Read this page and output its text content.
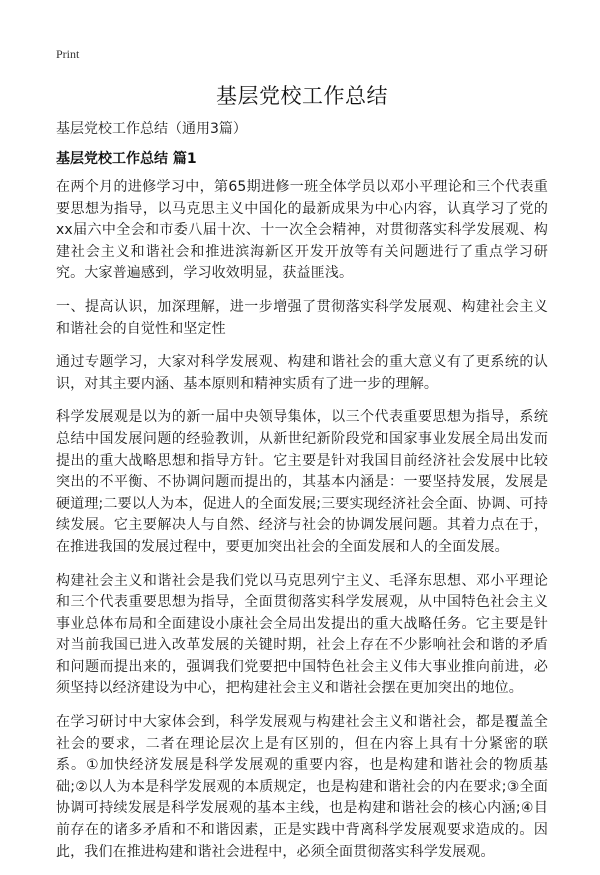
Print
基层党校工作总结
基层党校工作总结（通用3篇）
基层党校工作总结 篇1

在两个月的进修学习中，第65期进修一班全体学员以邓小平理论和三个代表重要思想为指导，以马克思主义中国化的最新成果为中心内容，认真学习了党的xx届六中全会和市委八届十次、十一次全会精神，对贯彻落实科学发展观、构建社会主义和谐社会和推进滨海新区开发开放等有关问题进行了重点学习研究。大家普遍感到，学习收效明显，获益匪浅。

一、提高认识，加深理解，进一步增强了贯彻落实科学发展观、构建社会主义和谐社会的自觉性和坚定性

通过专题学习，大家对科学发展观、构建和谐社会的重大意义有了更系统的认识，对其主要内涵、基本原则和精神实质有了进一步的理解。

科学发展观是以为的新一届中央领导集体，以三个代表重要思想为指导，系统总结中国发展问题的经验教训，从新世纪新阶段党和国家事业发展全局出发而提出的重大战略思想和指导方针。它主要是针对我国目前经济社会发展中比较突出的不平衡、不协调问题而提出的，其基本内涵是：一要坚持发展，发展是硬道理;二要以人为本，促进人的全面发展;三要实现经济社会全面、协调、可持续发展。它主要解决人与自然、经济与社会的协调发展问题。其着力点在于，在推进我国的发展过程中，要更加突出社会的全面发展和人的全面发展。

构建社会主义和谐社会是我们党以马克思列宁主义、毛泽东思想、邓小平理论和三个代表重要思想为指导，全面贯彻落实科学发展观，从中国特色社会主义事业总体布局和全面建设小康社会全局出发提出的重大战略任务。它主要是针对当前我国已进入改革发展的关键时期，社会上存在不少影响社会和谐的矛盾和问题而提出来的，强调我们党要把中国特色社会主义伟大事业推向前进，必须坚持以经济建设为中心，把构建社会主义和谐社会摆在更加突出的地位。

在学习研讨中大家体会到，科学发展观与构建社会主义和谐社会，都是覆盖全社会的要求，二者在理论层次上是有区别的，但在内容上具有十分紧密的联系。①加快经济发展是科学发展观的重要内容，也是构建和谐社会的物质基础;②以人为本是科学发展观的本质规定，也是构建和谐社会的内在要求;③全面协调可持续发展是科学发展观的基本主线，也是构建和谐社会的核心内涵;④目前存在的诸多矛盾和不和谐因素，正是实践中背离科学发展观要求造成的。因此，我们在推进构建和谐社会进程中，必须全面贯彻落实科学发展观。
